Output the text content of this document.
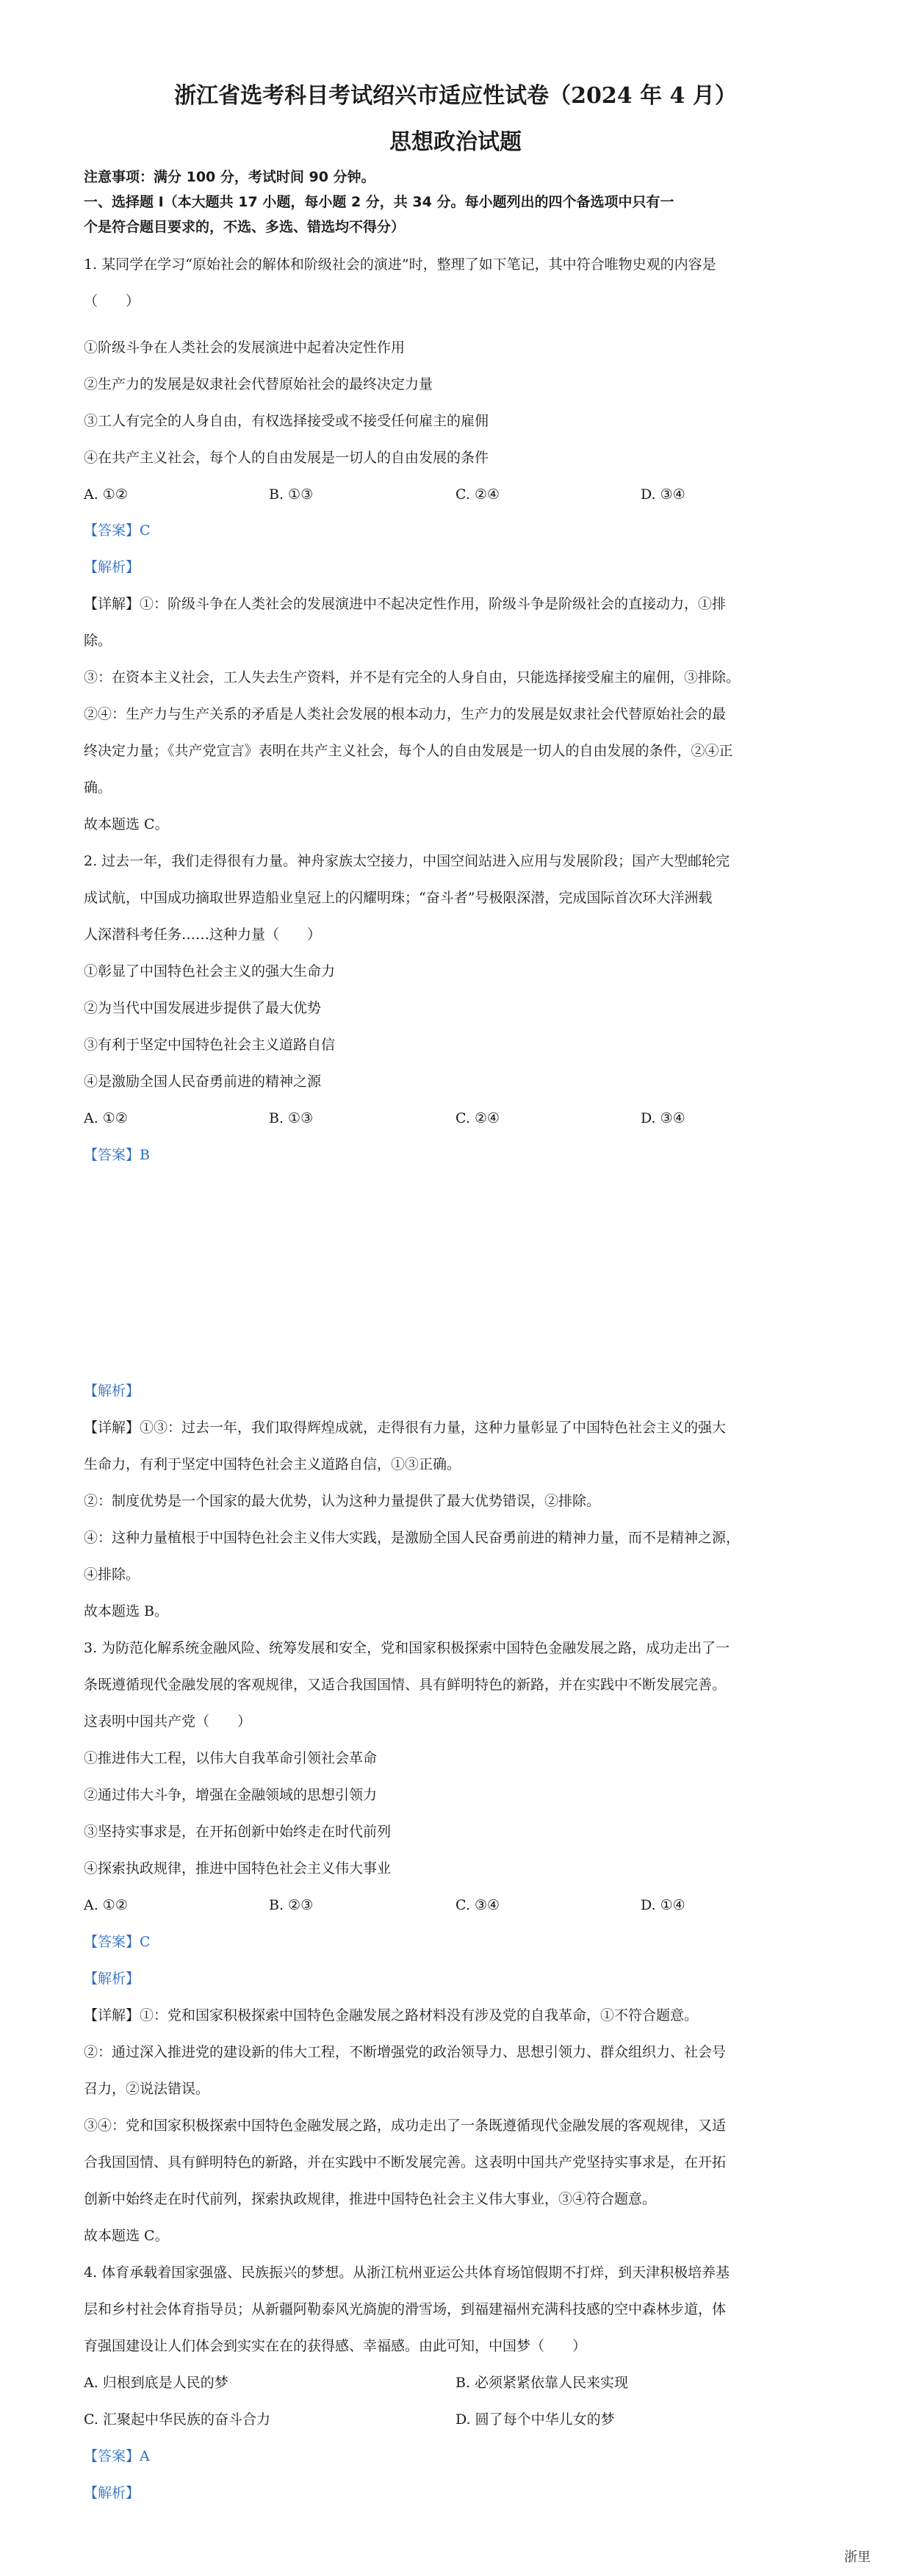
浙江省选考科目考试绍兴市适应性试卷（2024 年 4 月）
思想政治试题
注意事项：满分 100 分，考试时间 90 分钟。
一、选择题 I（本大题共 17 小题，每小题 2 分，共 34 分。每小题列出的四个备选项中只有一
个是符合题目要求的，不选、多选、错选均不得分）
1. 某同学在学习“原始社会的解体和阶级社会的演进”时，整理了如下笔记，其中符合唯物史观的内容是
（　　）
①阶级斗争在人类社会的发展演进中起着决定性作用
②生产力的发展是奴隶社会代替原始社会的最终决定力量
③工人有完全的人身自由，有权选择接受或不接受任何雇主的雇佣
④在共产主义社会，每个人的自由发展是一切人的自由发展的条件
A. ①②	B. ①③	C. ②④	D. ③④
【答案】C
【解析】
【详解】①：阶级斗争在人类社会的发展演进中不起决定性作用，阶级斗争是阶级社会的直接动力，①排
除。
③：在资本主义社会，工人失去生产资料，并不是有完全的人身自由，只能选择接受雇主的雇佣，③排除。
②④：生产力与生产关系的矛盾是人类社会发展的根本动力，生产力的发展是奴隶社会代替原始社会的最
终决定力量；《共产党宣言》表明在共产主义社会，每个人的自由发展是一切人的自由发展的条件，②④正
确。
故本题选 C。
2. 过去一年，我们走得很有力量。神舟家族太空接力，中国空间站进入应用与发展阶段；国产大型邮轮完
成试航，中国成功摘取世界造船业皇冠上的闪耀明珠；“奋斗者”号极限深潜，完成国际首次环大洋洲载
人深潜科考任务……这种力量（　　）
①彰显了中国特色社会主义的强大生命力
②为当代中国发展进步提供了最大优势
③有利于坚定中国特色社会主义道路自信
④是激励全国人民奋勇前进的精神之源
A. ①②	B. ①③	C. ②④	D. ③④
【答案】B
【解析】
【详解】①③：过去一年，我们取得辉煌成就，走得很有力量，这种力量彰显了中国特色社会主义的强大
生命力，有利于坚定中国特色社会主义道路自信，①③正确。
②：制度优势是一个国家的最大优势，认为这种力量提供了最大优势错误，②排除。
④：这种力量植根于中国特色社会主义伟大实践，是激励全国人民奋勇前进的精神力量，而不是精神之源，
④排除。
故本题选 B。
3. 为防范化解系统金融风险、统筹发展和安全，党和国家积极探索中国特色金融发展之路，成功走出了一
条既遵循现代金融发展的客观规律，又适合我国国情、具有鲜明特色的新路，并在实践中不断发展完善。
这表明中国共产党（　　）
①推进伟大工程，以伟大自我革命引领社会革命
②通过伟大斗争，增强在金融领域的思想引领力
③坚持实事求是，在开拓创新中始终走在时代前列
④探索执政规律，推进中国特色社会主义伟大事业
A. ①②	B. ②③	C. ③④	D. ①④
【答案】C
【解析】
【详解】①：党和国家积极探索中国特色金融发展之路材料没有涉及党的自我革命，①不符合题意。
②：通过深入推进党的建设新的伟大工程，不断增强党的政治领导力、思想引领力、群众组织力、社会号
召力，②说法错误。
③④：党和国家积极探索中国特色金融发展之路，成功走出了一条既遵循现代金融发展的客观规律，又适
合我国国情、具有鲜明特色的新路，并在实践中不断发展完善。这表明中国共产党坚持实事求是，在开拓
创新中始终走在时代前列，探索执政规律，推进中国特色社会主义伟大事业，③④符合题意。
故本题选 C。
4. 体育承载着国家强盛、民族振兴的梦想。从浙江杭州亚运公共体育场馆假期不打烊，到天津积极培养基
层和乡村社会体育指导员；从新疆阿勒泰风光旖旎的滑雪场，到福建福州充满科技感的空中森林步道，体
育强国建设让人们体会到实实在在的获得感、幸福感。由此可知，中国梦（　　）
A. 归根到底是人民的梦	B. 必须紧紧依靠人民来实现
C. 汇聚起中华民族的奋斗合力	D. 圆了每个中华儿女的梦
【答案】A
【解析】
浙里
